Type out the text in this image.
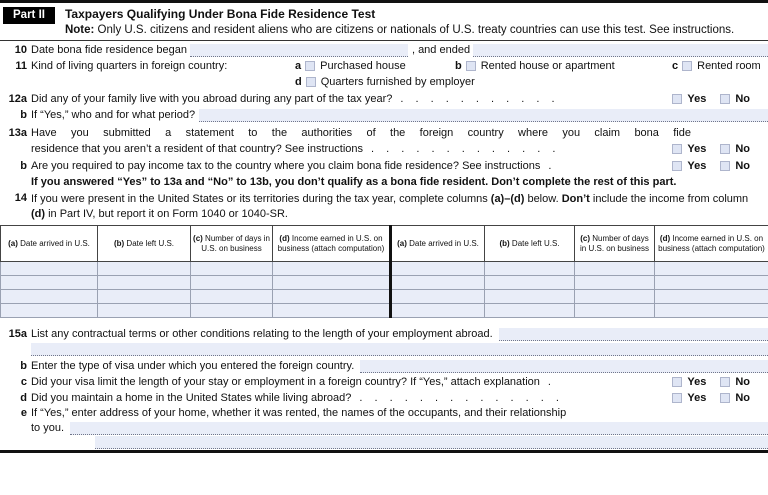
Part II	Taxpayers Qualifying Under Bona Fide Residence Test
Note: Only U.S. citizens and resident aliens who are citizens or nationals of U.S. treaty countries can use this test. See instructions.
10 Date bona fide residence began	, and ended
11 Kind of living quarters in foreign country:	a Purchased house	b Rented house or apartment	c Rented room
d Quarters furnished by employer
12a Did any of your family live with you abroad during any part of the tax year? . . . . . . . . . . .	Yes	No
b If “Yes,” who and for what period?
13a Have you submitted a statement to the authorities of the foreign country where you claim bona fide
residence that you aren’t a resident of that country? See instructions . . . . . . . . . . . . .	Yes	No
b Are you required to pay income tax to the country where you claim bona fide residence? See instructions .	Yes	No
If you answered “Yes” to 13a and “No” to 13b, you don’t qualify as a bona fide resident. Don’t complete the rest of this part.
14 If you were present in the United States or its territories during the tax year, complete columns (a)–(d) below. Don’t include the income from column (d) in Part IV, but report it on Form 1040 or 1040-SR.
(a) Date arrived in U.S.	(b) Date left U.S.	(c) Number of days in U.S. on business	(d) Income earned in U.S. on business (attach computation)	(a) Date arrived in U.S.	(b) Date left U.S.	(c) Number of days in U.S. on business	(d) Income earned in U.S. on business (attach computation)

15a List any contractual terms or other conditions relating to the length of your employment abroad.
b Enter the type of visa under which you entered the foreign country.
c Did your visa limit the length of your stay or employment in a foreign country? If “Yes,” attach explanation .	Yes	No
d Did you maintain a home in the United States while living abroad? . . . . . . . . . . . . . .	Yes	No
e If “Yes,” enter address of your home, whether it was rented, the names of the occupants, and their relationship
to you.
